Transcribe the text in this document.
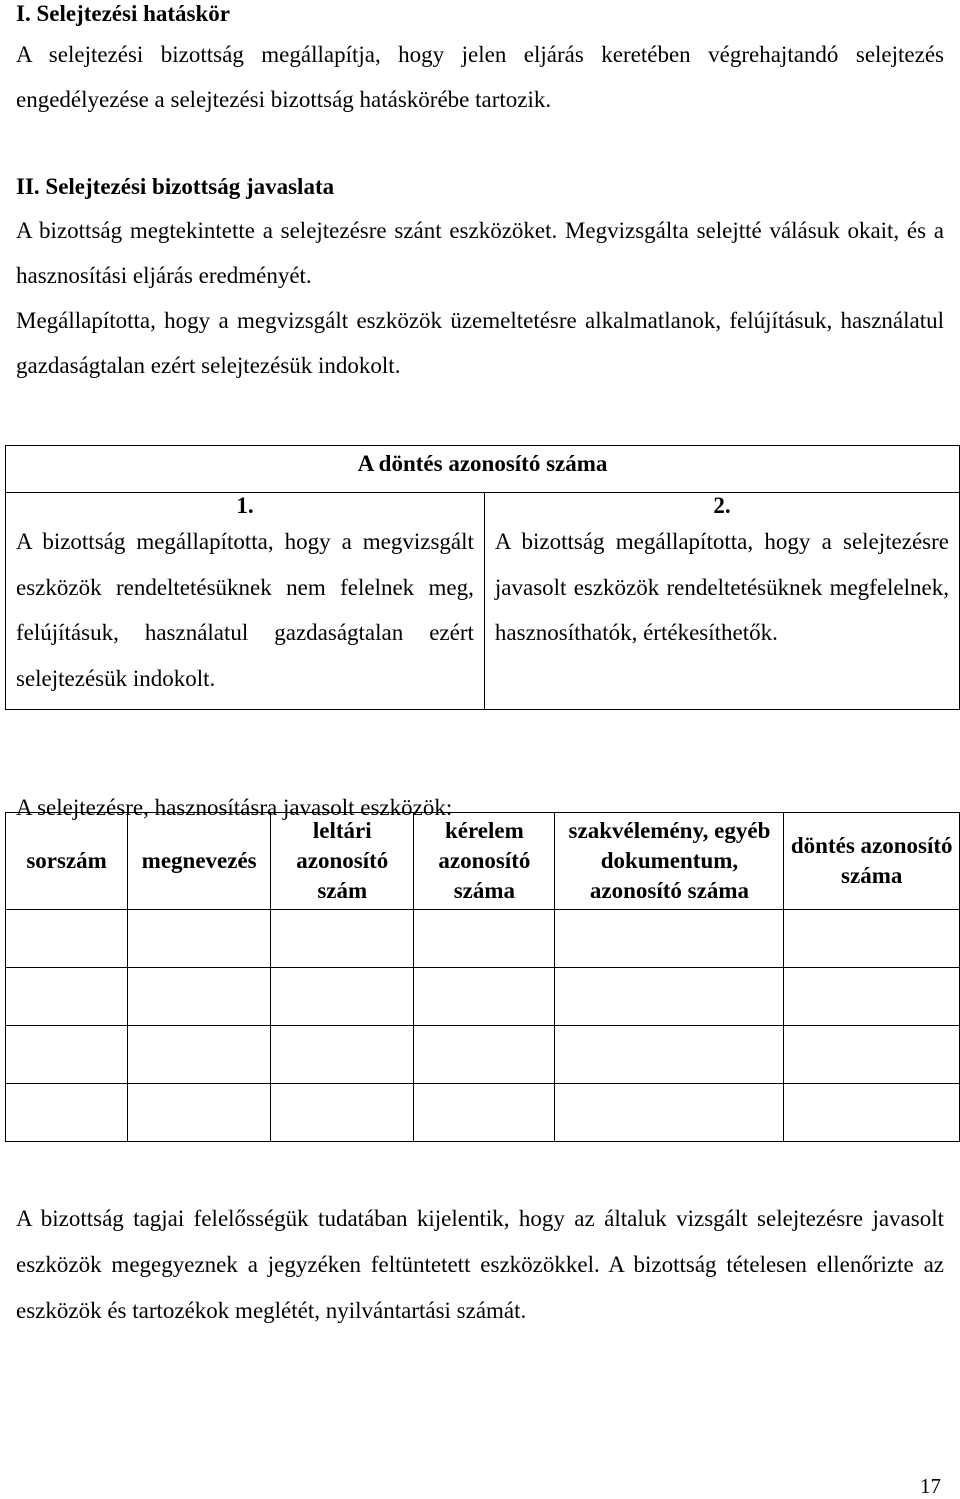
I. Selejtezési hatáskör

A selejtezési bizottság megállapítja, hogy jelen eljárás keretében végrehajtandó selejtezés engedélyezése a selejtezési bizottság hatáskörébe tartozik.

II. Selejtezési bizottság javaslata

A bizottság megtekintette a selejtezésre szánt eszközöket. Megvizsgálta selejtté válásuk okait, és a hasznosítási eljárás eredményét.

Megállapította, hogy a megvizsgált eszközök üzemeltetésre alkalmatlanok, felújításuk, használatul gazdaságtalan ezért selejtezésük indokolt.

A döntés azonosító száma	
1.	2.
A bizottság megállapította, hogy a megvizsgált eszközök rendeltetésüknek nem felelnek meg, felújításuk, használatul gazdaságtalan ezért selejtezésük indokolt.	A bizottság megállapította, hogy a selejtezésre javasolt eszközök rendeltetésüknek megfelelnek, hasznosíthatók, értékesíthetők.

A selejtezésre, hasznosításra javasolt eszközök:

sorszám	megnevezés	leltári azonosító szám	kérelem azonosító száma	szakvélemény, egyéb dokumentum, azonosító száma	döntés azonosító száma

A bizottság tagjai felelősségük tudatában kijelentik, hogy az általuk vizsgált selejtezésre javasolt eszközök megegyeznek a jegyzéken feltüntetett eszközökkel. A bizottság tételesen ellenőrizte az eszközök és tartozékok meglétét, nyilvántartási számát.

17
